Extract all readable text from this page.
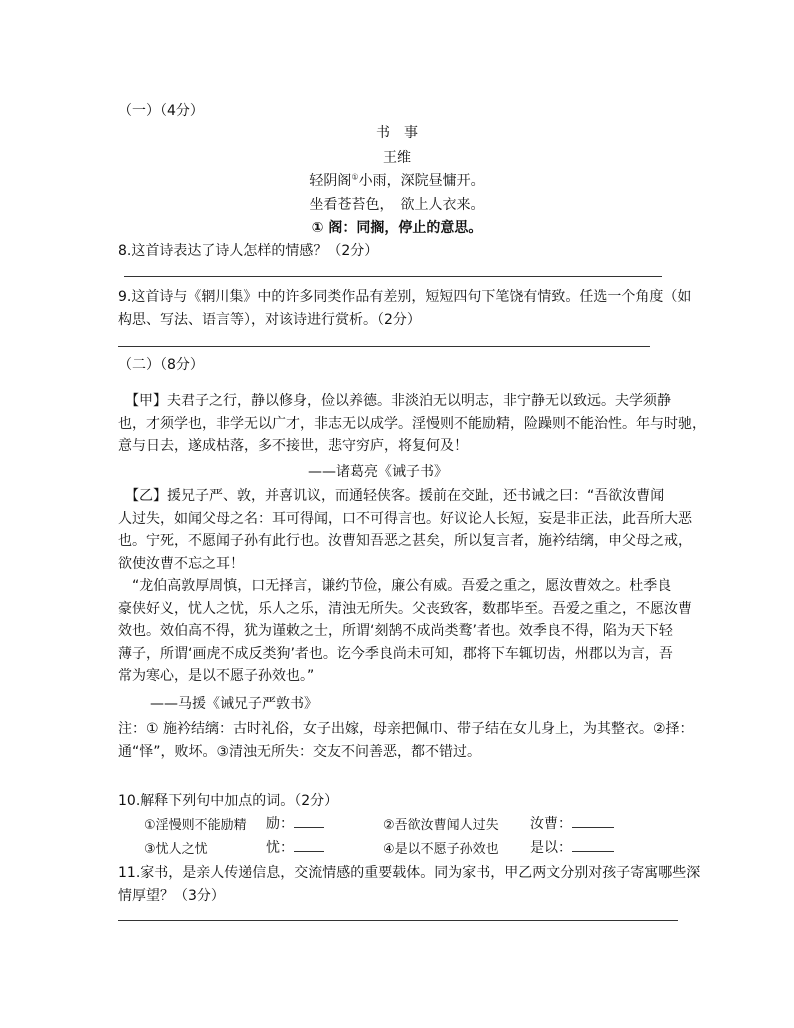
（一）（4分）
书　事
王维
轻阴阁①小雨，深院昼慵开。
坐看苍苔色，　欲上人衣来。
① 阁：同搁，停止的意思。
8.这首诗表达了诗人怎样的情感？（2分）
9.这首诗与《辋川集》中的许多同类作品有差别，短短四句下笔饶有情致。任选一个角度（如
构思、写法、语言等），对该诗进行赏析。（2分）
（二）（8分）

　【甲】夫君子之行，静以修身，俭以养德。非淡泊无以明志，非宁静无以致远。夫学须静

也，才须学也，非学无以广才，非志无以成学。淫慢则不能励精，险躁则不能治性。年与时驰，

意与日去，遂成枯落，多不接世，悲守穷庐，将复何及！

——诸葛亮《诫子书》

　【乙】援兄子严、敦，并喜讥议，而通轻侠客。援前在交趾，还书诫之曰：“吾欲汝曹闻

人过失，如闻父母之名：耳可得闻，口不可得言也。好议论人长短，妄是非正法，此吾所大恶

也。宁死，不愿闻子孙有此行也。汝曹知吾恶之甚矣，所以复言者，施衿结缡，申父母之戒，

欲使汝曹不忘之耳！

　“龙伯高敦厚周慎，口无择言，谦约节俭，廉公有威。吾爱之重之，愿汝曹效之。杜季良

豪侠好义，忧人之忧，乐人之乐，清浊无所失。父丧致客，数郡毕至。吾爱之重之，不愿汝曹

效也。效伯高不得，犹为谨敕之士，所谓‘刻鹄不成尚类鹜’者也。效季良不得，陷为天下轻

薄子，所谓‘画虎不成反类狗’者也。讫今季良尚未可知，郡将下车辄切齿，州郡以为言，吾

常为寒心，是以不愿子孙效也。”

——马援《诫兄子严敦书》

注：① 施衿结缡：古时礼俗，女子出嫁，母亲把佩巾、带子结在女儿身上，为其整衣。②择：

通“怿”，败坏。③清浊无所失：交友不问善恶，都不错过。

10.解释下列句中加点的词。（2分）
①淫慢则不能励精 励：	②吾欲汝曹闻人过失 汝曹：
③忧人之忧	忧：	④是以不愿子孙效也 是以：
11.家书，是亲人传递信息，交流情感的重要载体。同为家书，甲乙两文分别对孩子寄寓哪些深
情厚望？（3分）
